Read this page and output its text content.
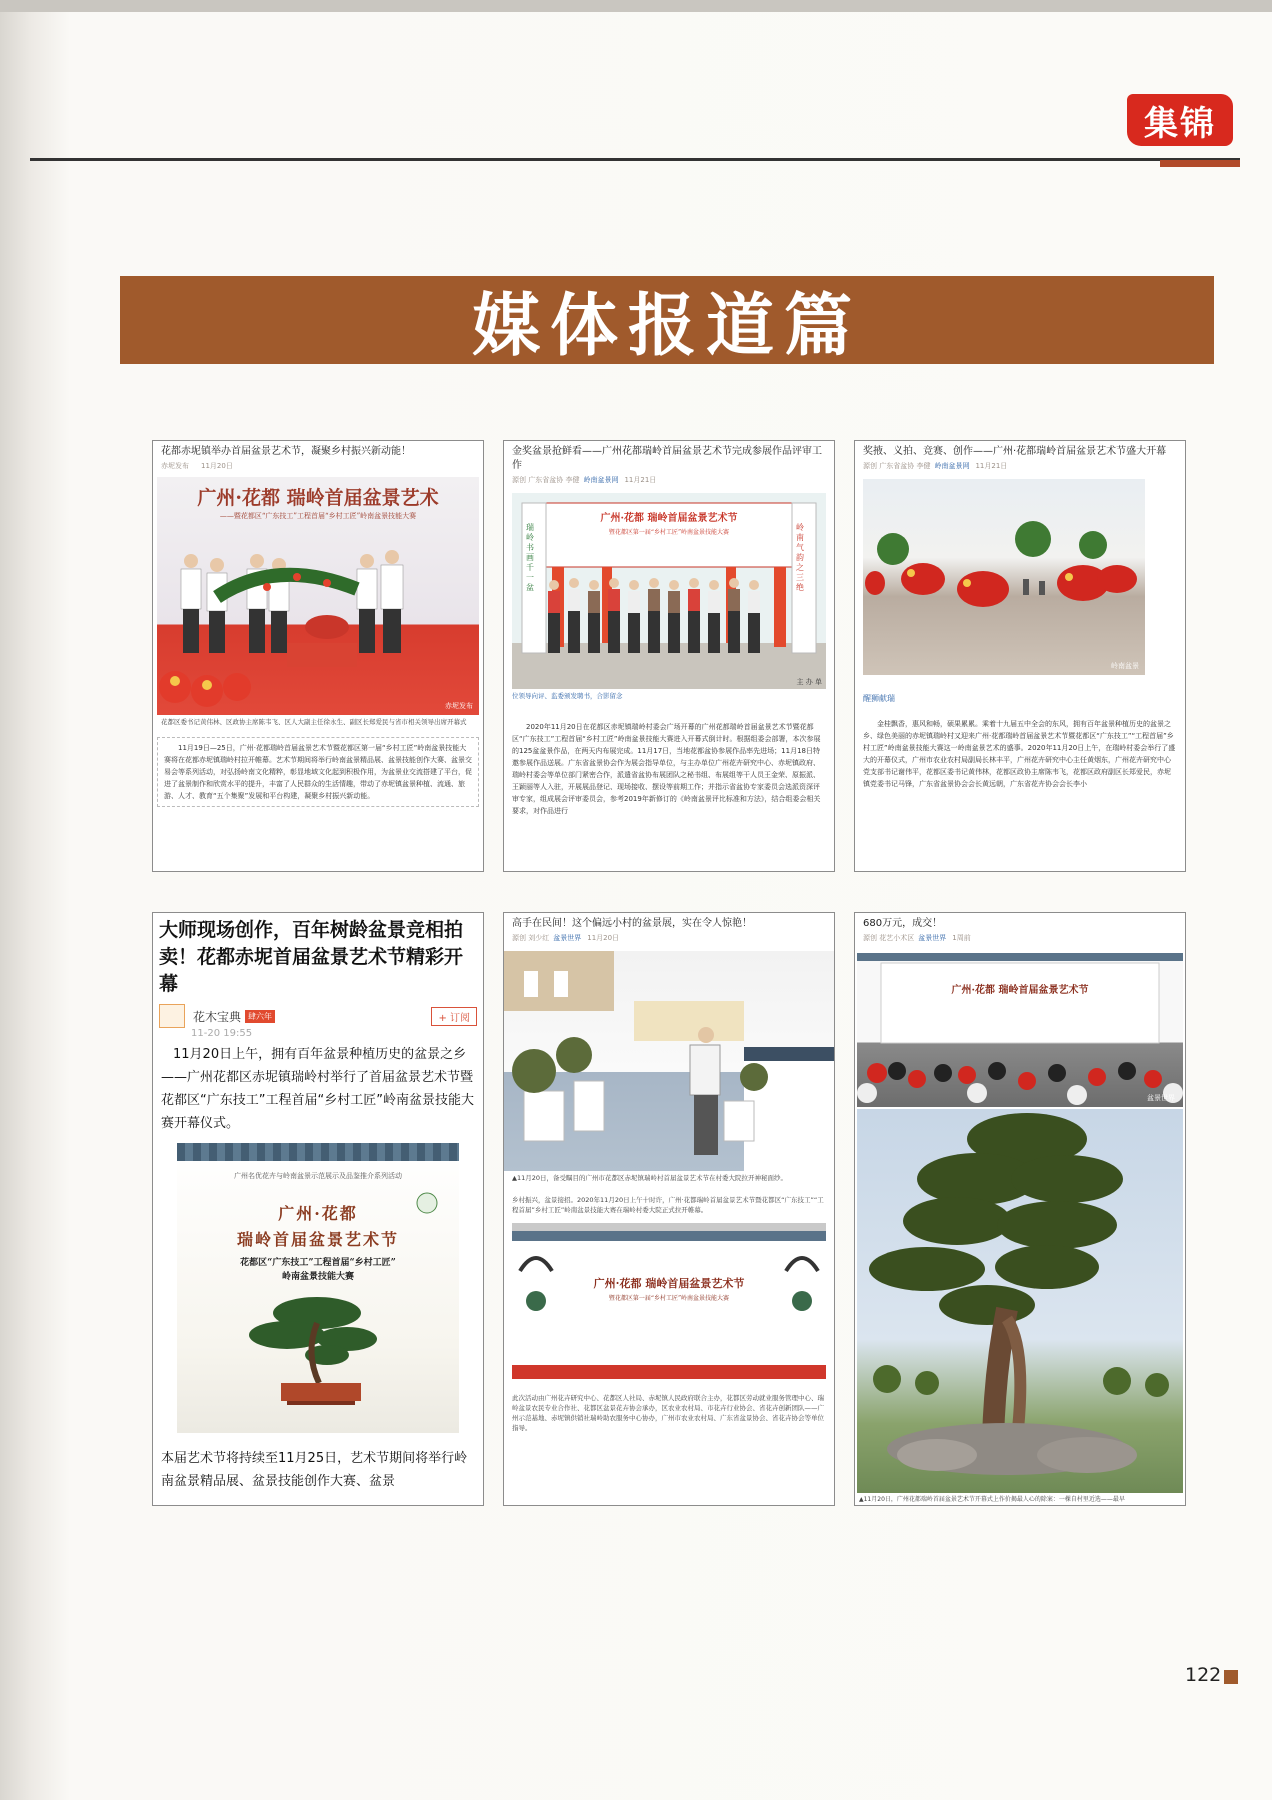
集锦
媒体报道篇
花都赤坭镇举办首届盆景艺术节，凝聚乡村振兴新动能！
赤坭发布 11月20日
广州·花都 瑞岭首届盆景艺术
——暨花都区“广东技工”工程首届“乡村工匠”岭南盆景技能大赛
赤坭发布
花都区委书记黄伟林、区政协主席陈韦飞、区人大副主任徐永生、副区长郑爱民与省市相关领导出席开幕式
11月19日—25日，广州·花都瑞岭首届盆景艺术节暨花都区第一届“乡村工匠”岭南盆景技能大赛将在花都赤坭镇瑞岭村拉开帷幕。艺术节期间将举行岭南盆景精品展、盆景技能创作大赛、盆景交易会等系列活动，对弘扬岭南文化精粹，彰显地域文化起到积极作用，为盆景业交流搭建了平台，促进了盆景制作和欣赏水平的提升，丰富了人民群众的生活情趣，带动了赤坭镇盆景种植、流通、旅游、人才、教育“五个集聚”发展和平台构建，凝聚乡村振兴新动能。
金奖盆景抢鲜看——广州花都瑞岭首届盆景艺术节完成参展作品评审工作
源创 广东省盆协 李健 岭南盆景网 11月21日
广州·花都 瑞岭首届盆景艺术节
暨花都区第一届“乡村工匠”岭南盆景技能大赛
瑞岭书画千一盆
岭南气韵之三绝
主 办 单
位领导向评、监委颁发聘书，合影留念
2020年11月20日在花都区赤坭镇瑞岭村委会广场开幕的广州花都瑞岭首届盆景艺术节暨花都区“广东技工”工程首届“乡村工匠”岭南盆景技能大赛进入开幕式倒计时。根据组委会部署，本次参展的125盆盆景作品，在两天内布展完成。11月17日，当地花都盆协参展作品率先进场；11月18日特邀参展作品送展。广东省盆景协会作为展会指导单位，与主办单位广州花卉研究中心、赤坭镇政府、瑞岭村委会等单位部门紧密合作，派遣省盆协布展团队之秘书组、布展组等干人员王金荣、原振派、王颖丽等人入驻，开展展品登记、现场接收、摆设等前期工作；并指示省盆协专家委员会选派资深评审专家，组成展会评审委员会，参考2019年新修订的《岭南盆景评比标准和方法》，结合组委会相关要求，对作品进行
奖掖、义拍、竞赛、创作——广州·花都瑞岭首届盆景艺术节盛大开幕
源创 广东省盆协 李健 岭南盆景网 11月21日
岭南盆景
醒狮献瑞
金桂飘香，惠风和畅，硕果累累。乘着十九届五中全会的东风，拥有百年盆景种植历史的盆景之乡、绿色美丽的赤坭镇瑞岭村又迎来广州·花都瑞岭首届盆景艺术节暨花都区“广东技工”“工程首届”乡村工匠”岭南盆景技能大赛这一岭南盆景艺术的盛事。2020年11月20日上午，在瑞岭村委会举行了盛大的开幕仪式，广州市农业农村局副局长林丰平，广州花卉研究中心主任黄烟东，广州花卉研究中心党支部书记谢伟平，花都区委书记黄伟林，花都区政协主席陈韦飞，花都区政府副区长郑爱民，赤坭镇党委书记马锋，广东省盆景协会会长黄远朝，广东省花卉协会会长李小
大师现场创作，百年树龄盆景竞相拍卖！花都赤坭首届盆景艺术节精彩开幕
花木宝典 肆六年	+ 订阅
11-20 19:55
11月20日上午，拥有百年盆景种植历史的盆景之乡——广州花都区赤坭镇瑞岭村举行了首届盆景艺术节暨花都区“广东技工”工程首届“乡村工匠”岭南盆景技能大赛开幕仪式。
广州名优花卉与岭南盆景示范展示及品鉴推介系列活动
广州·花都
瑞岭首届盆景艺术节
花都区“广东技工”工程首届“乡村工匠”
岭南盆景技能大赛
本届艺术节将持续至11月25日，艺术节期间将举行岭南盆景精品展、盆景技能创作大赛、盆景
高手在民间！这个偏远小村的盆景展，实在令人惊艳！
源创 刘少红 盆景世界 11月20日
盆景世界
▲11月20日，备受瞩目的广州市花都区赤坭镇瑞岭村首届盆景艺术节在村委大院拉开神秘面纱。
乡村振兴，盆景接招。2020年11月20日上午十时许，广州·花都瑞岭首届盆景艺术节暨花都区“广东技工”“工程首届”乡村工匠”岭南盆景技能大赛在瑞岭村委大院正式拉开帷幕。
广州·花都 瑞岭首届盆景艺术节
暨花都区第一届“乡村工匠”岭南盆景技能大赛
此次活动由广州花卉研究中心、花都区人社局、赤坭镇人民政府联合主办，花都区劳动就业服务管理中心、瑞岭盆景农民专业合作社、花都区盆景花卉协会承办，区农业农村局、市花卉行业协会、省花卉创新团队——广州示范基地、赤坭镇供销社瑞岭助农服务中心协办，广州市农业农村局、广东省盆景协会、省花卉协会等单位指导。
680万元，成交！
源创 花艺小术区 盆景世界 1周前
广州·花都 瑞岭首届盆景艺术节
盆景世界
▲11月20日，广州花都瑞岭首届盆景艺术节开幕式上作价揭最人心的除案：一棵自村里近选——最早
122
